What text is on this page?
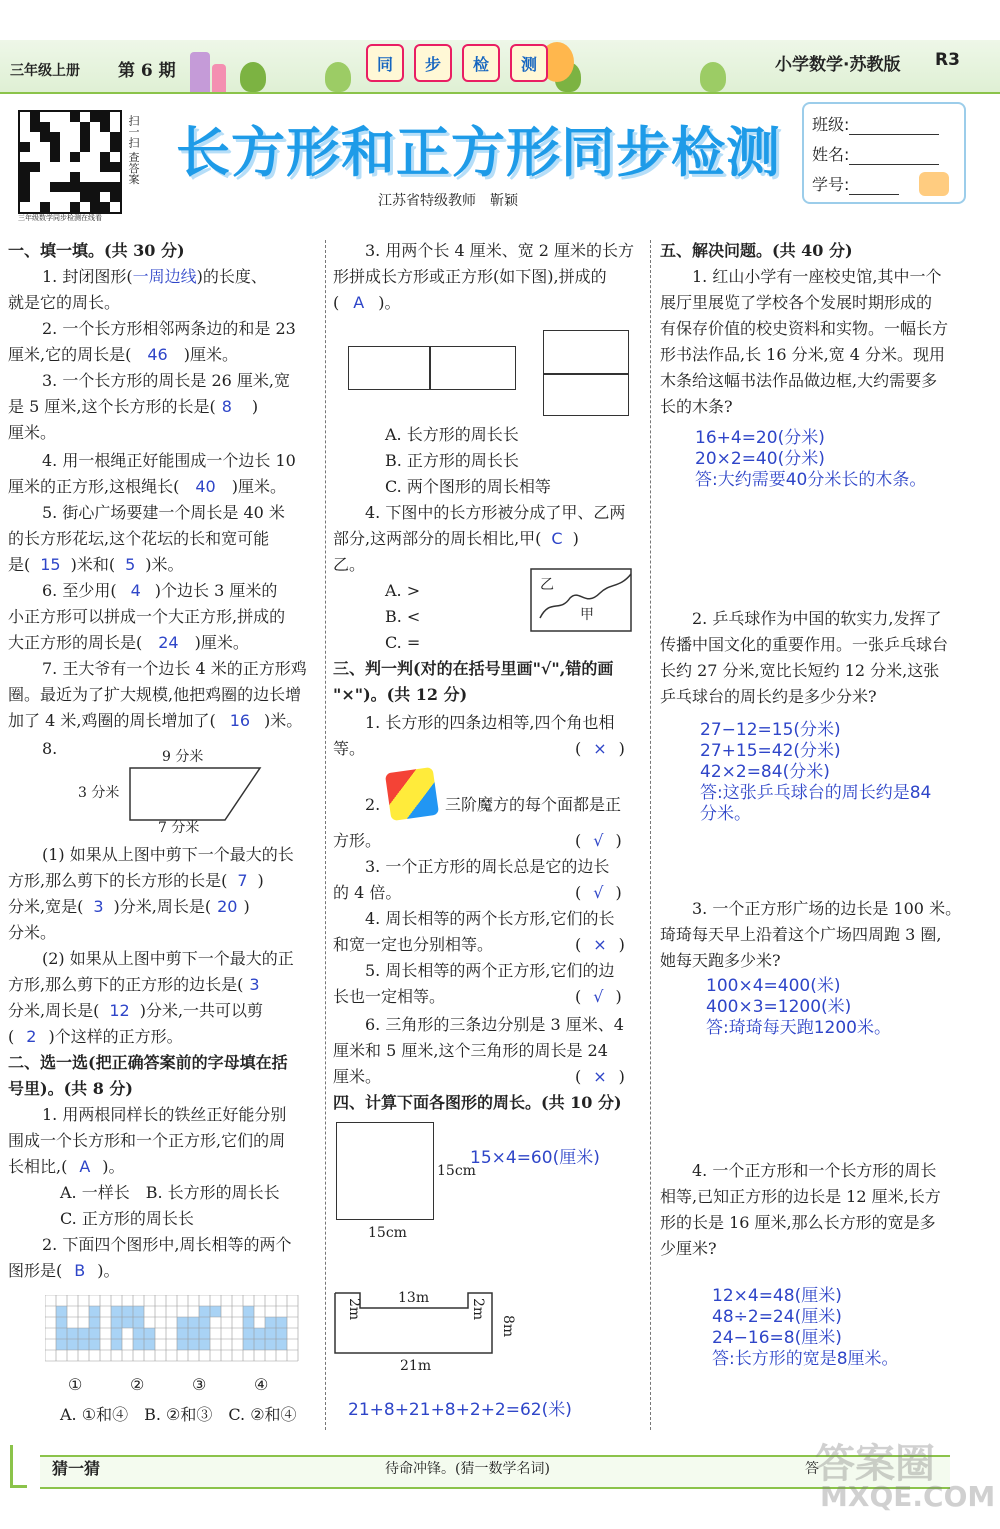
三年级上册 第 6 期	同	步	检	测	小学数学·苏教版 R3
扫一扫 查答案
三年级数学同步检测在线看
长方形和正方形同步检测
江苏省特级教师　靳颖
班级:
姓名:
学号:
一、填一填。(共 30 分)
1. 封闭图形(一周边线)的长度、
就是它的周长。
2. 一个长方形相邻两条边的和是 23
厘米,它的周长是( 46 )厘米。
3. 一个长方形的周长是 26 厘米,宽
是 5 厘米,这个长方形的长是( 8 )
厘米。
4. 用一根绳正好能围成一个边长 10
厘米的正方形,这根绳长( 40 )厘米。
5. 街心广场要建一个周长是 40 米
的长方形花坛,这个花坛的长和宽可能
是( 15 )米和( 5 )米。
6. 至少用( 4 )个边长 3 厘米的
小正方形可以拼成一个大正方形,拼成的
大正方形的周长是( 24 )厘米。
7. 王大爷有一个边长 4 米的正方形鸡
圈。最近为了扩大规模,他把鸡圈的边长增
加了 4 米,鸡圈的周长增加了( 16 )米。
8.	9 分米
3 分米
7 分米
(1) 如果从上图中剪下一个最大的长
方形,那么剪下的长方形的长是( 7 )
分米,宽是( 3 )分米,周长是( 20 )
分米。
(2) 如果从上图中剪下一个最大的正
方形,那么剪下的正方形的边长是( 3
分米,周长是( 12 )分米,一共可以剪
( 2 )个这样的正方形。
二、选一选(把正确答案前的字母填在括
号里)。(共 8 分)
1. 用两根同样长的铁丝正好能分别
围成一个长方形和一个正方形,它们的周
长相比,( A )。
A. 一样长　B. 长方形的周长长
C. 正方形的周长长
2. 下面四个图形中,周长相等的两个
图形是( B )。
①	②	③	④
A. ①和④　B. ②和③　C. ②和④
3. 用两个长 4 厘米、宽 2 厘米的长方
形拼成长方形或正方形(如下图),拼成的
( A )。
A. 长方形的周长长
B. 正方形的周长长
C. 两个图形的周长相等
4. 下图中的长方形被分成了甲、乙两
部分,这两部分的周长相比,甲( C )
乙。
A. >
B. <
C. =
乙
甲
三、判一判(对的在括号里画"√",错的画
"×")。(共 12 分)
1. 长方形的四条边相等,四个角也相
等。	( × )
2.	三阶魔方的每个面都是正
方形。	( √ )
3. 一个正方形的周长总是它的边长
的 4 倍。	( √ )
4. 周长相等的两个长方形,它们的长
和宽一定也分别相等。	( × )
5. 周长相等的两个正方形,它们的边
长也一定相等。	( √ )
6. 三角形的三条边分别是 3 厘米、4
厘米和 5 厘米,这个三角形的周长是 24
厘米。	( × )
四、计算下面各图形的周长。(共 10 分)
15cm
15cm
15×4=60(厘米)
13m
2m	2m
8m
21m
21+8+21+8+2+2=62(米)
五、解决问题。(共 40 分)
1. 红山小学有一座校史馆,其中一个
展厅里展览了学校各个发展时期形成的
有保存价值的校史资料和实物。一幅长方
形书法作品,长 16 分米,宽 4 分米。现用
木条给这幅书法作品做边框,大约需要多
长的木条?
16+4=20(分米)
20×2=40(分米)
答:大约需要40分米长的木条。
2. 乒乓球作为中国的软实力,发挥了
传播中国文化的重要作用。一张乒乓球台
长约 27 分米,宽比长短约 12 分米,这张
乒乓球台的周长约是多少分米?
27−12=15(分米)
27+15=42(分米)
42×2=84(分米)
答:这张乒乓球台的周长约是84
分米。
3. 一个正方形广场的边长是 100 米。
琦琦每天早上沿着这个广场四周跑 3 圈,
她每天跑多少米?
100×4=400(米)
400×3=1200(米)
答:琦琦每天跑1200米。
4. 一个正方形和一个长方形的周长
相等,已知正方形的边长是 12 厘米,长方
形的长是 16 厘米,那么长方形的宽是多
少厘米?
12×4=48(厘米)
48÷2=24(厘米)
24−16=8(厘米)
答:长方形的宽是8厘米。
猜一猜	待命冲锋。(猜一数学名词)	答
答案圈
MXQE.COM
